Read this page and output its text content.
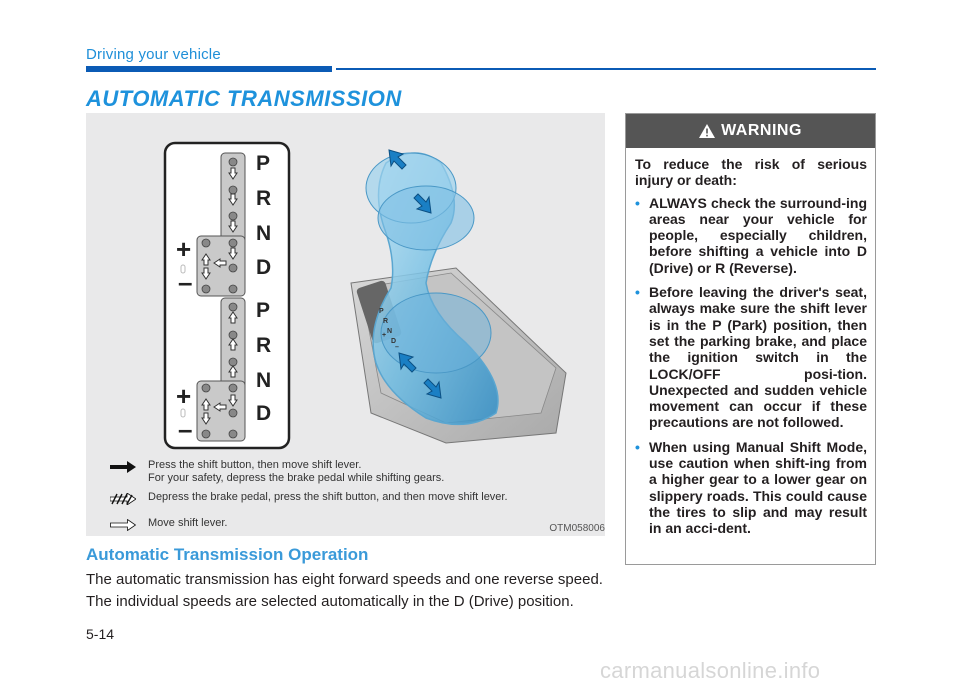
Driving your vehicle
AUTOMATIC TRANSMISSION
P
R
N
D
+
–
P
R
N
D
P
R
N
D
+
–
+
–
Press the shift button, then move shift lever.
For your safety, depress the brake pedal while shifting gears.
Depress the brake pedal, press the shift button, and then move shift lever.
Move shift lever.	OTM058006
Automatic Transmission Operation
The automatic transmission has eight forward speeds and one reverse speed.
The individual speeds are selected automatically in the D (Drive) position.
5-14
WARNING
To reduce the risk of serious injury or death:
• ALWAYS check the surround-ing areas near your vehicle for people, especially children, before shifting a vehicle into D (Drive) or R (Reverse).
• Before leaving the driver's seat, always make sure the shift lever is in the P (Park) position, then set the parking brake, and place the ignition switch in the LOCK/OFF posi-tion. Unexpected and sudden vehicle movement can occur if these precautions are not followed.
• When using Manual Shift Mode, use caution when shift-ing from a higher gear to a lower gear on slippery roads. This could cause the tires to slip and may result in an acci-dent.
carmanualsonline.info
